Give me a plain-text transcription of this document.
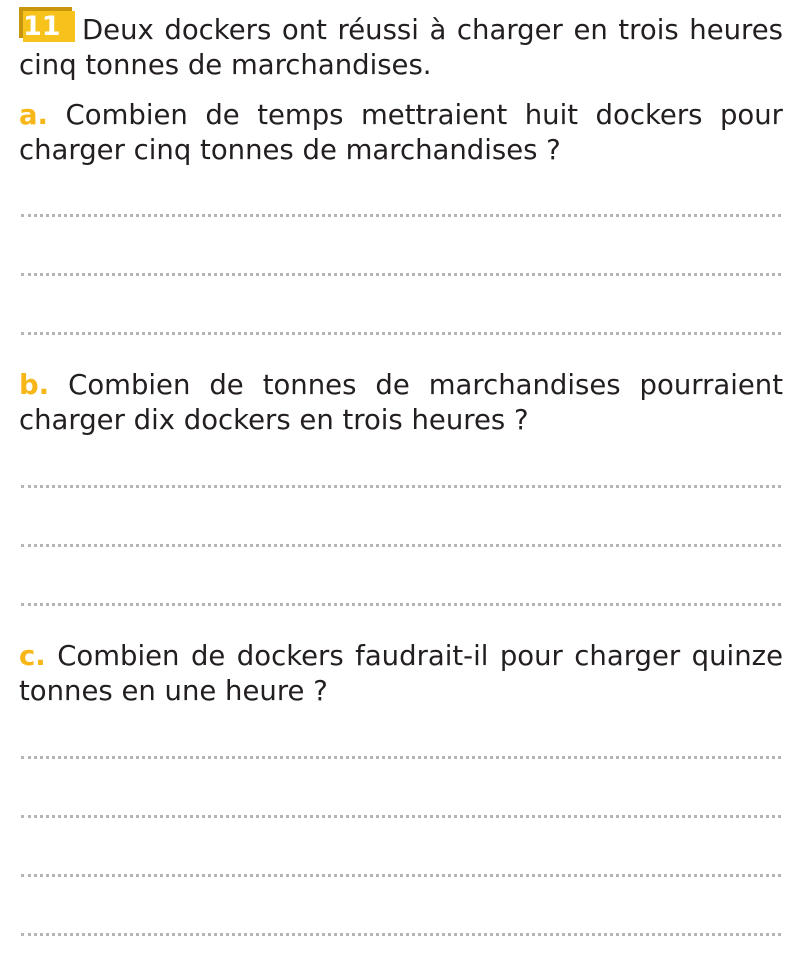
11 Deux dockers ont réussi à charger en trois heures cinq tonnes de marchandises.

a. Combien de temps mettraient huit dockers pour charger cinq tonnes de marchandises ?

b. Combien de tonnes de marchandises pourraient charger dix dockers en trois heures ?

c. Combien de dockers faudrait-il pour charger quinze tonnes en une heure ?
